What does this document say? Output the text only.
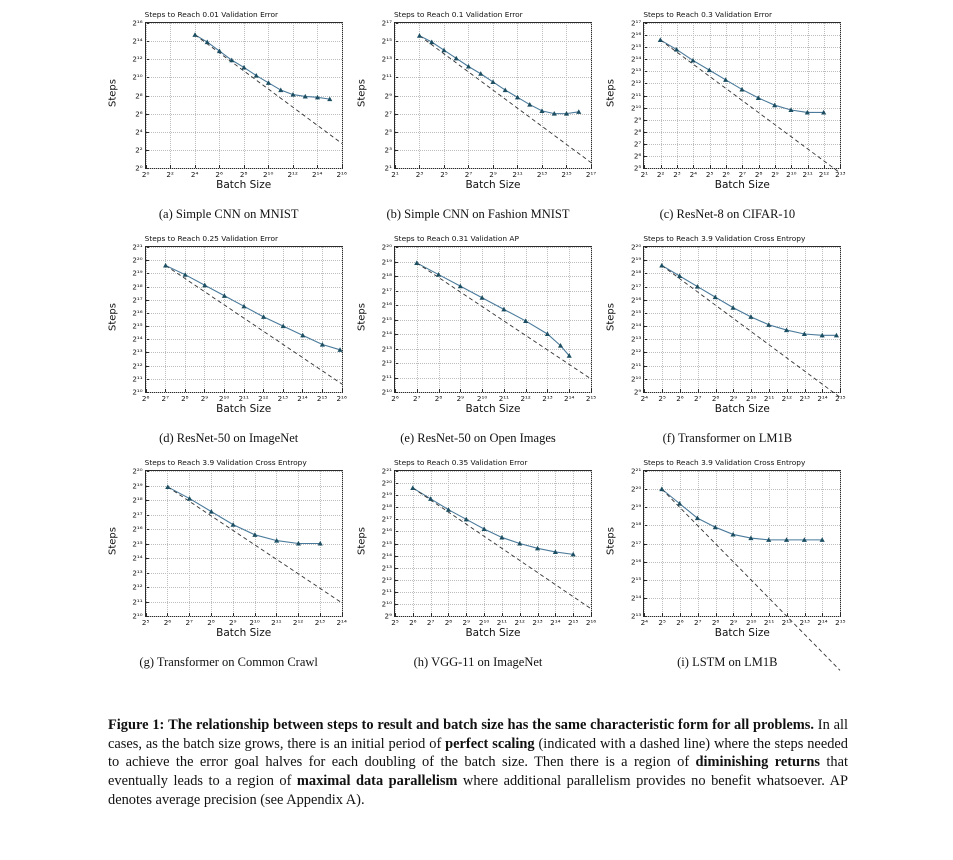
Steps to Reach 0.01 Validation Error
Steps
Batch Size
2⁰
2²
2⁴
2⁶
2⁸
2¹⁰
2¹²
2¹⁴
2¹⁶
2⁰ 2² 2⁴ 2⁶ 2⁸ 2¹⁰ 2¹² 2¹⁴ 2¹⁶
(a) Simple CNN on MNIST
Steps to Reach 0.1 Validation Error
Steps
Batch Size
2¹
2³
2⁵
2⁷
2⁹
2¹¹
2¹³
2¹⁵
2¹⁷
2¹ 2³ 2⁵ 2⁷ 2⁹ 2¹¹ 2¹³ 2¹⁵ 2¹⁷
(b) Simple CNN on Fashion MNIST
Steps to Reach 0.3 Validation Error
Steps
Batch Size
2⁵
2⁶
2⁷
2⁸
2⁹
2¹⁰
2¹¹
2¹²
2¹³
2¹⁴
2¹⁵
2¹⁶
2¹⁷
2¹ 2² 2³ 2⁴ 2⁵ 2⁶ 2⁷ 2⁸ 2⁹ 2¹⁰ 2¹¹ 2¹² 2¹³
(c) ResNet-8 on CIFAR-10
Steps to Reach 0.25 Validation Error
Steps
Batch Size
2¹⁰
2¹¹
2¹²
2¹³
2¹⁴
2¹⁵
2¹⁶
2¹⁷
2¹⁸
2¹⁹
2²⁰
2²¹
2⁶ 2⁷ 2⁸ 2⁹ 2¹⁰ 2¹¹ 2¹² 2¹³ 2¹⁴ 2¹⁵ 2¹⁶
(d) ResNet-50 on ImageNet
Steps to Reach 0.31 Validation AP
Steps
Batch Size
2¹⁰
2¹¹
2¹²
2¹³
2¹⁴
2¹⁵
2¹⁶
2¹⁷
2¹⁸
2¹⁹
2²⁰
2⁶ 2⁷ 2⁸ 2⁹ 2¹⁰ 2¹¹ 2¹² 2¹³ 2¹⁴ 2¹⁵
(e) ResNet-50 on Open Images
Steps to Reach 3.9 Validation Cross Entropy
Steps
Batch Size
2⁹
2¹⁰
2¹¹
2¹²
2¹³
2¹⁴
2¹⁵
2¹⁶
2¹⁷
2¹⁸
2¹⁹
2²⁰
2⁴ 2⁵ 2⁶ 2⁷ 2⁸ 2⁹ 2¹⁰ 2¹¹ 2¹² 2¹³ 2¹⁴ 2¹⁵
(f) Transformer on LM1B
Steps to Reach 3.9 Validation Cross Entropy
Steps
Batch Size
2¹⁰
2¹¹
2¹²
2¹³
2¹⁴
2¹⁵
2¹⁶
2¹⁷
2¹⁸
2¹⁹
2²⁰
2⁵ 2⁶ 2⁷ 2⁸ 2⁹ 2¹⁰ 2¹¹ 2¹² 2¹³ 2¹⁴
(g) Transformer on Common Crawl
Steps to Reach 0.35 Validation Error
Steps
Batch Size
2⁹
2¹⁰
2¹¹
2¹²
2¹³
2¹⁴
2¹⁵
2¹⁶
2¹⁷
2¹⁸
2¹⁹
2²⁰
2²¹
2⁵ 2⁶ 2⁷ 2⁸ 2⁹ 2¹⁰ 2¹¹ 2¹² 2¹³ 2¹⁴ 2¹⁵ 2¹⁶
(h) VGG-11 on ImageNet
Steps to Reach 3.9 Validation Cross Entropy
Steps
Batch Size
2¹³
2¹⁴
2¹⁵
2¹⁶
2¹⁷
2¹⁸
2¹⁹
2²⁰
2²¹
2⁴ 2⁵ 2⁶ 2⁷ 2⁸ 2⁹ 2¹⁰ 2¹¹ 2¹² 2¹³ 2¹⁴ 2¹⁵
(i) LSTM on LM1B
Figure 1: The relationship between steps to result and batch size has the same characteristic form for all problems. In all cases, as the batch size grows, there is an initial period of perfect scaling (indicated with a dashed line) where the steps needed to achieve the error goal halves for each doubling of the batch size. Then there is a region of diminishing returns that eventually leads to a region of maximal data parallelism where additional parallelism provides no benefit whatsoever. AP denotes average precision (see Appendix A).
